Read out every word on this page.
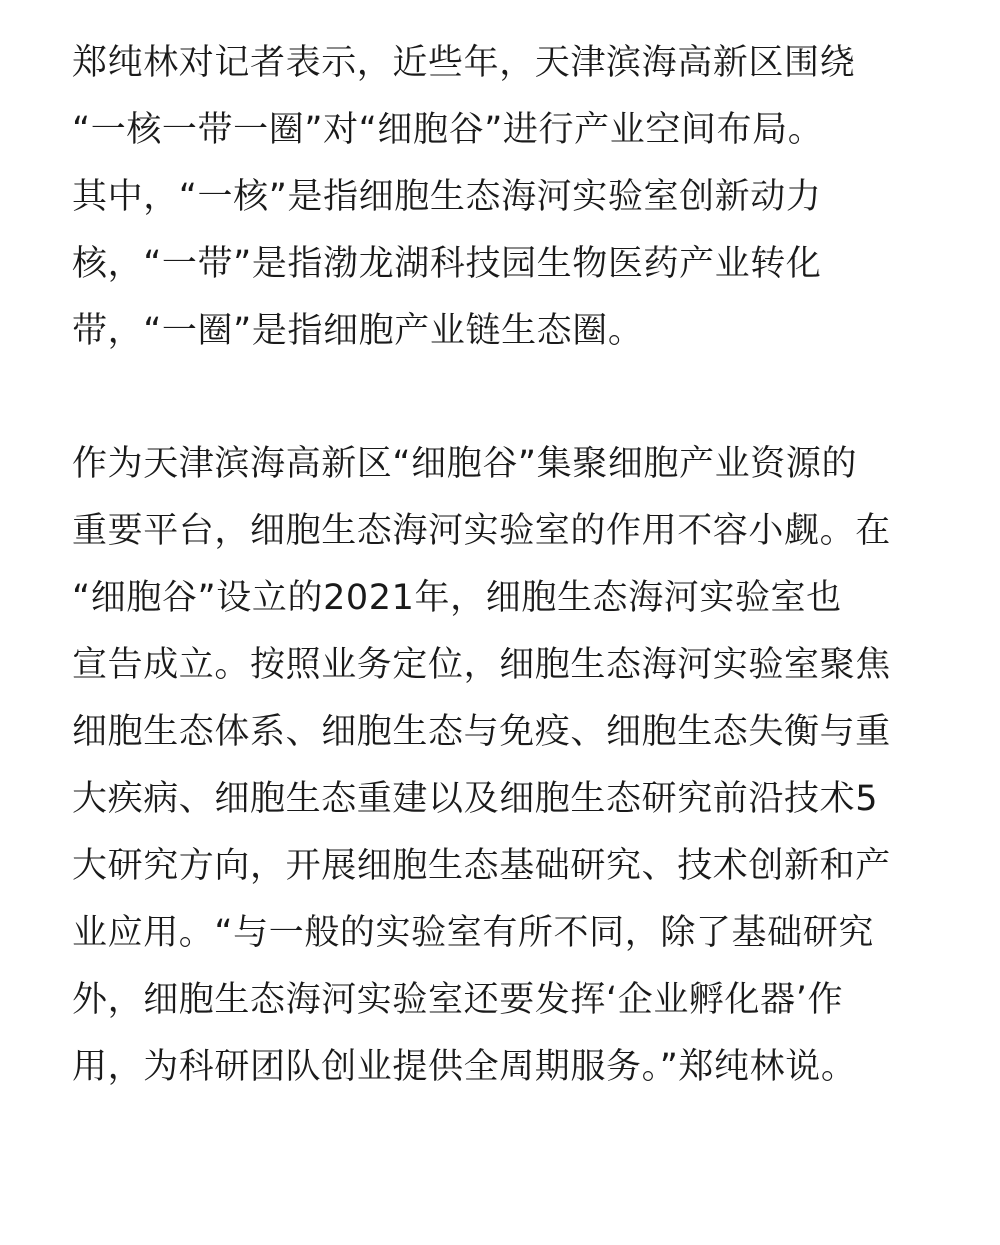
郑纯林对记者表示，近些年，天津滨海高新区围绕
“一核一带一圈”对“细胞谷”进行产业空间布局。
其中，“一核”是指细胞生态海河实验室创新动力
核，“一带”是指渤龙湖科技园生物医药产业转化
带，“一圈”是指细胞产业链生态圈。
作为天津滨海高新区“细胞谷”集聚细胞产业资源的
重要平台，细胞生态海河实验室的作用不容小觑。在
“细胞谷”设立的2021年，细胞生态海河实验室也
宣告成立。按照业务定位，细胞生态海河实验室聚焦
细胞生态体系、细胞生态与免疫、细胞生态失衡与重
大疾病、细胞生态重建以及细胞生态研究前沿技术5
大研究方向，开展细胞生态基础研究、技术创新和产
业应用。“与一般的实验室有所不同，除了基础研究
外，细胞生态海河实验室还要发挥‘企业孵化器’作
用，为科研团队创业提供全周期服务。”郑纯林说。
